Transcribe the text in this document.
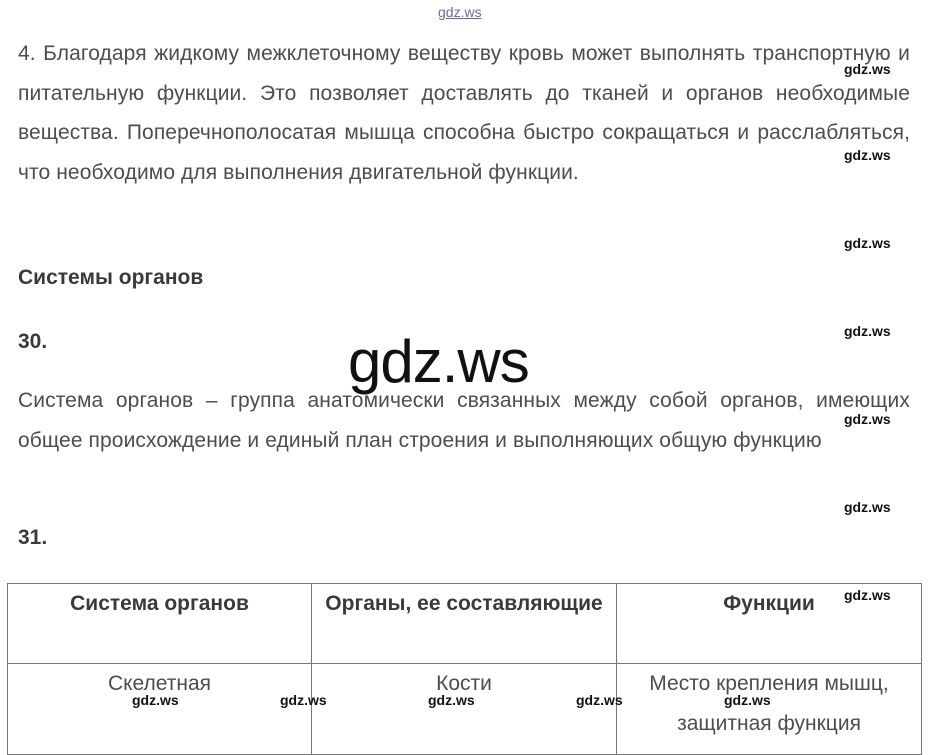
gdz.ws
4. Благодаря жидкому межклеточному веществу кровь может выполнять транспортную и питательную функции. Это позволяет доставлять до тканей и органов необходимые вещества. Поперечнополосатая мышца способна быстро сокращаться и расслабляться, что необходимо для выполнения двигательной функции.
Системы органов
30.
Система органов – группа анатомически связанных между собой органов, имеющих общее происхождение и единый план строения и выполняющих общую функцию
gdz.ws
31.
Система органов	Органы, ее составляющие	Функции
Скелетная	Кости	Место крепления мышц, защитная функция
gdz.ws
gdz.ws
gdz.ws
gdz.ws
gdz.ws
gdz.ws
gdz.ws
gdz.ws	gdz.ws	gdz.ws	gdz.ws	gdz.ws
